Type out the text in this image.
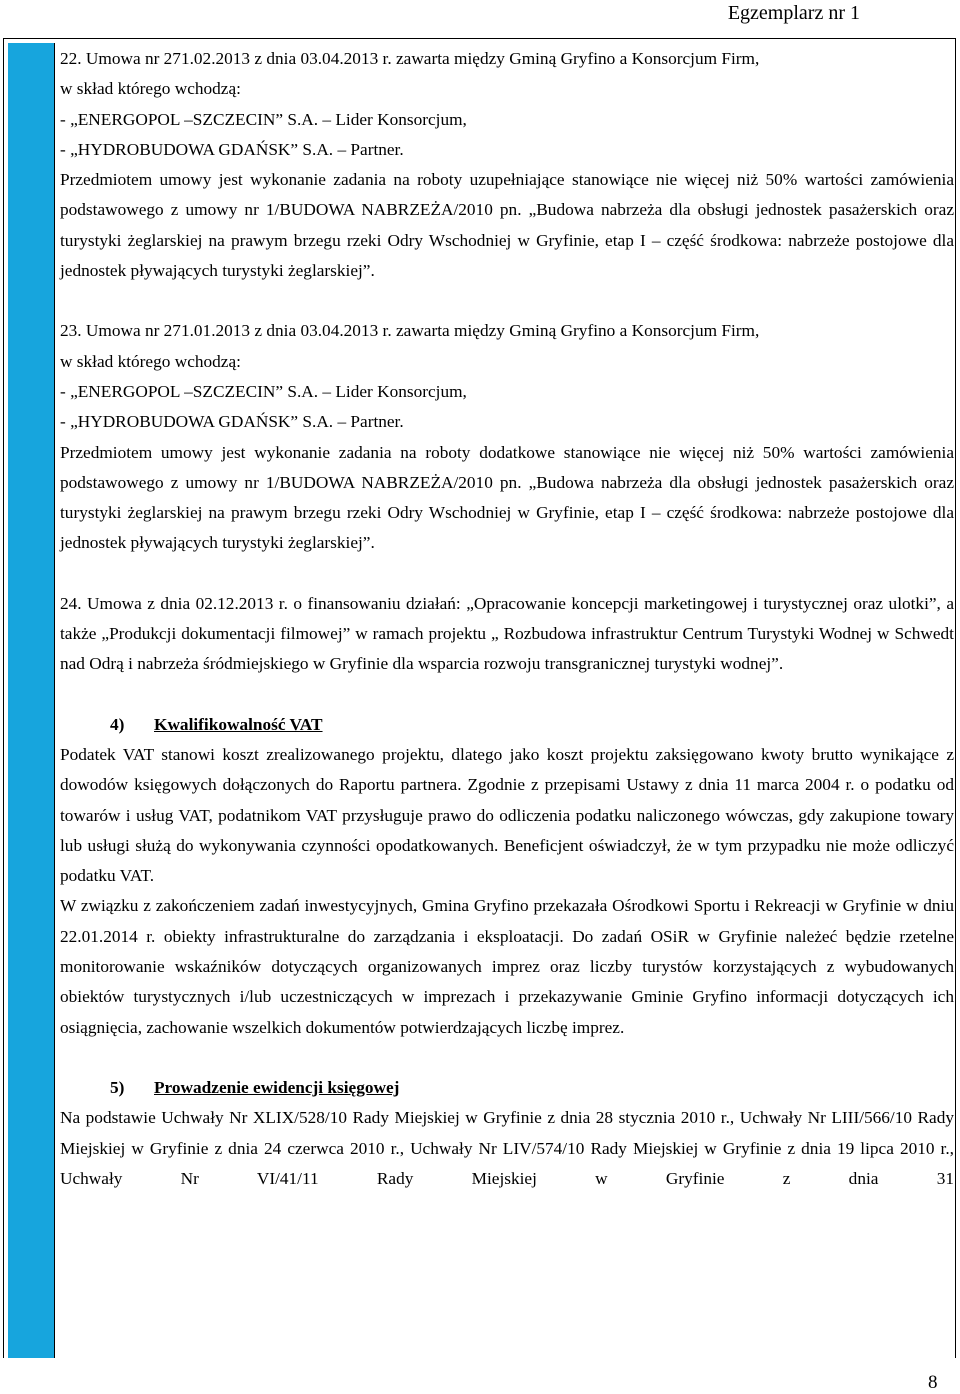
Egzemplarz nr 1

22. Umowa nr 271.02.2013 z dnia 03.04.2013 r. zawarta między Gminą Gryfino a Konsorcjum Firm,

w skład którego wchodzą:

- „ENERGOPOL –SZCZECIN” S.A. – Lider Konsorcjum,

- „HYDROBUDOWA GDAŃSK” S.A. – Partner.

Przedmiotem umowy jest wykonanie zadania na roboty uzupełniające stanowiące nie więcej niż 50% wartości zamówienia podstawowego z umowy nr 1/BUDOWA NABRZEŻA/2010 pn. „Budowa nabrzeża dla obsługi jednostek pasażerskich oraz turystyki żeglarskiej na prawym brzegu rzeki Odry Wschodniej w Gryfinie, etap I – część środkowa: nabrzeże postojowe dla jednostek pływających turystyki żeglarskiej”.

23. Umowa nr 271.01.2013 z dnia 03.04.2013 r. zawarta między Gminą Gryfino a Konsorcjum Firm,

w skład którego wchodzą:

- „ENERGOPOL –SZCZECIN” S.A. – Lider Konsorcjum,

- „HYDROBUDOWA GDAŃSK” S.A. – Partner.

Przedmiotem umowy jest wykonanie zadania na roboty dodatkowe stanowiące nie więcej niż 50% wartości zamówienia podstawowego z umowy nr 1/BUDOWA NABRZEŻA/2010 pn. „Budowa nabrzeża dla obsługi jednostek pasażerskich oraz turystyki żeglarskiej na prawym brzegu rzeki Odry Wschodniej w Gryfinie, etap I – część środkowa: nabrzeże postojowe dla jednostek pływających turystyki żeglarskiej”.

24. Umowa z dnia 02.12.2013 r. o finansowaniu działań: „Opracowanie koncepcji marketingowej i turystycznej oraz ulotki”, a także „Produkcji dokumentacji filmowej” w ramach projektu „ Rozbudowa infrastruktur Centrum Turystyki Wodnej w Schwedt nad Odrą i nabrzeża śródmiejskiego w Gryfinie dla wsparcia rozwoju transgranicznej turystyki wodnej”.

4) Kwalifikowalność VAT

Podatek VAT stanowi koszt zrealizowanego projektu, dlatego jako koszt projektu zaksięgowano kwoty brutto wynikające z dowodów księgowych dołączonych do Raportu partnera. Zgodnie z przepisami Ustawy z dnia 11 marca 2004 r. o podatku od towarów i usług VAT, podatnikom VAT przysługuje prawo do odliczenia podatku naliczonego wówczas, gdy zakupione towary lub usługi służą do wykonywania czynności opodatkowanych. Beneficjent oświadczył, że w tym przypadku nie może odliczyć podatku VAT.

W związku z zakończeniem zadań inwestycyjnych, Gmina Gryfino przekazała Ośrodkowi Sportu i Rekreacji w Gryfinie w dniu 22.01.2014 r. obiekty infrastrukturalne do zarządzania i eksploatacji. Do zadań OSiR w Gryfinie należeć będzie rzetelne monitorowanie wskaźników dotyczących organizowanych imprez oraz liczby turystów korzystających z wybudowanych obiektów turystycznych i/lub uczestniczących w imprezach i przekazywanie Gminie Gryfino informacji dotyczących ich osiągnięcia, zachowanie wszelkich dokumentów potwierdzających liczbę imprez.

5) Prowadzenie ewidencji księgowej

Na podstawie Uchwały Nr XLIX/528/10 Rady Miejskiej w Gryfinie z dnia 28 stycznia 2010 r., Uchwały Nr LIII/566/10 Rady Miejskiej w Gryfinie z dnia 24 czerwca 2010 r., Uchwały Nr LIV/574/10 Rady Miejskiej w Gryfinie z dnia 19 lipca 2010 r., Uchwały Nr VI/41/11 Rady Miejskiej w Gryfinie z dnia 31

8
